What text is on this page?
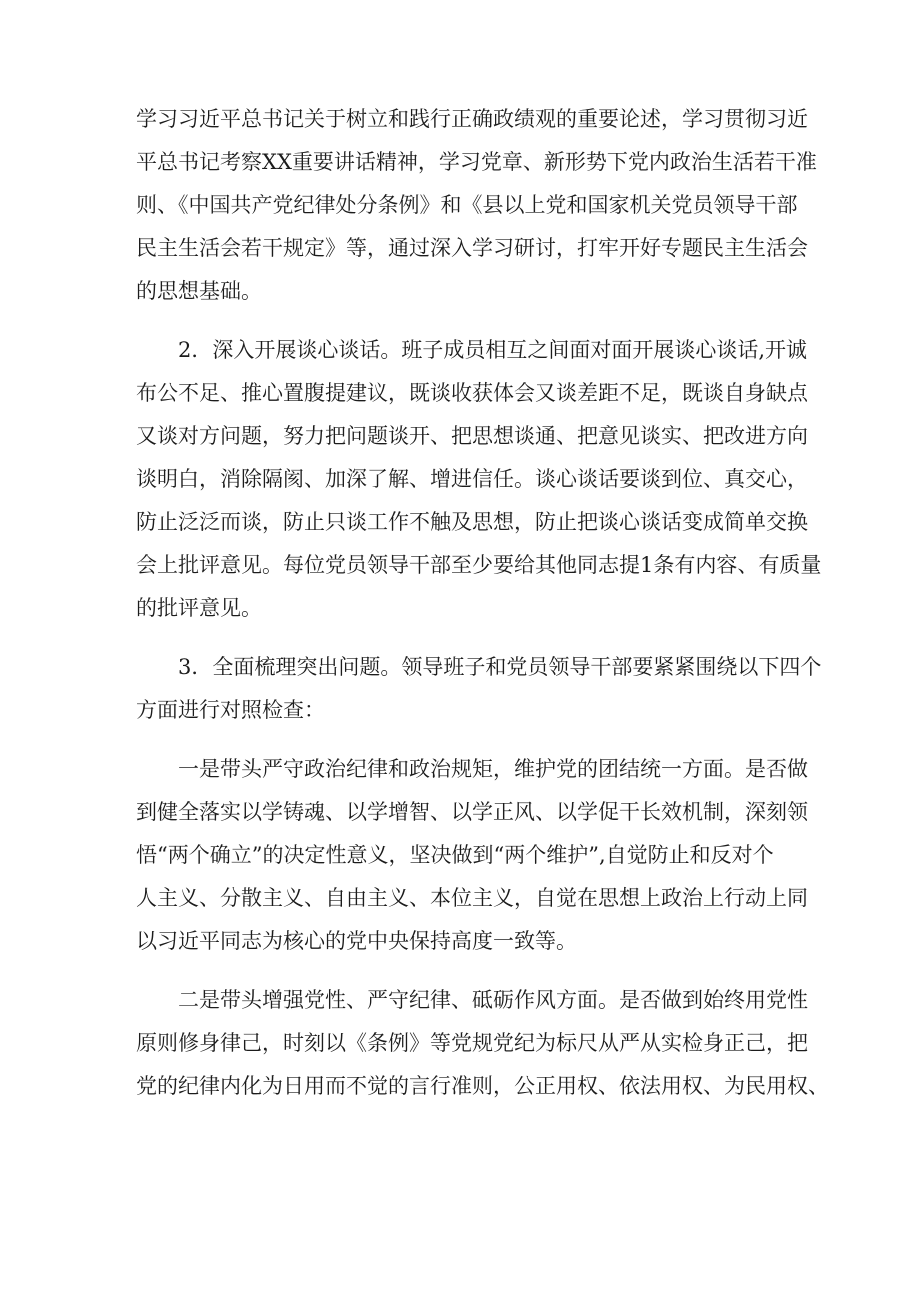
学习习近平总书记关于树立和践行正确政绩观的重要论述，学习贯彻习近
平总书记考察XX重要讲话精神，学习党章、新形势下党内政治生活若干准
则、《中国共产党纪律处分条例》和《县以上党和国家机关党员领导干部
民主生活会若干规定》等，通过深入学习研讨，打牢开好专题民主生活会
的思想基础。
2．深入开展谈心谈话。班子成员相互之间面对面开展谈心谈话,开诚
布公不足、推心置腹提建议，既谈收获体会又谈差距不足，既谈自身缺点
又谈对方问题，努力把问题谈开、把思想谈通、把意见谈实、把改进方向
谈明白，消除隔阂、加深了解、增进信任。谈心谈话要谈到位、真交心，
防止泛泛而谈，防止只谈工作不触及思想，防止把谈心谈话变成简单交换
会上批评意见。每位党员领导干部至少要给其他同志提1条有内容、有质量
的批评意见。
3．全面梳理突出问题。领导班子和党员领导干部要紧紧围绕以下四个
方面进行对照检查：
一是带头严守政治纪律和政治规矩，维护党的团结统一方面。是否做
到健全落实以学铸魂、以学增智、以学正风、以学促干长效机制，深刻领
悟“两个确立”的决定性意义，坚决做到“两个维护”,自觉防止和反对个
人主义、分散主义、自由主义、本位主义，自觉在思想上政治上行动上同
以习近平同志为核心的党中央保持高度一致等。
二是带头增强党性、严守纪律、砥砺作风方面。是否做到始终用党性
原则修身律己，时刻以《条例》等党规党纪为标尺从严从实检身正己，把
党的纪律内化为日用而不觉的言行准则，公正用权、依法用权、为民用权、
